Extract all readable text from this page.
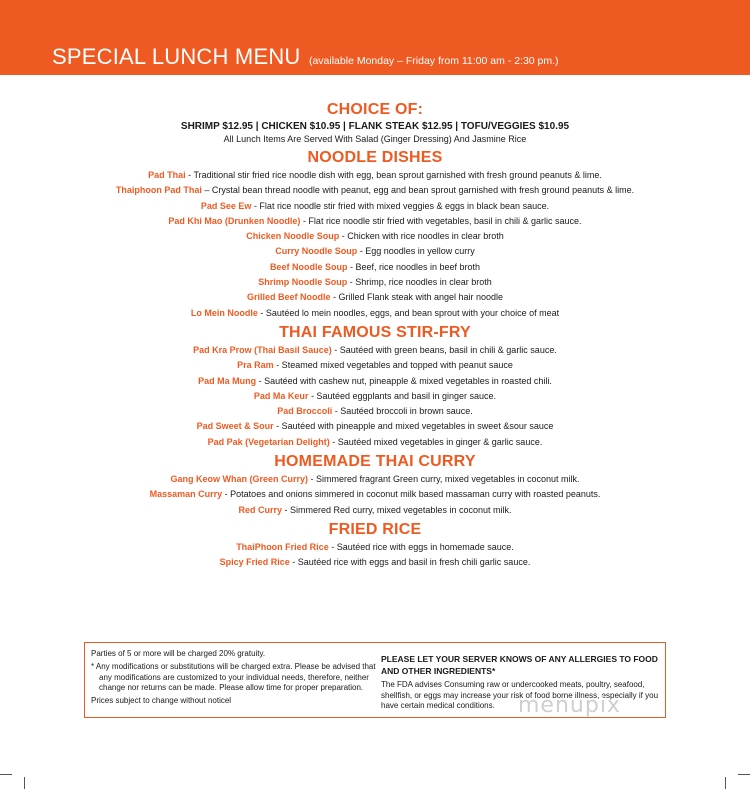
SPECIAL LUNCH MENU (available Monday – Friday from 11:00 am - 2:30 pm.)
CHOICE OF:
SHRIMP $12.95 | CHICKEN $10.95 | FLANK STEAK $12.95 | TOFU/VEGGIES $10.95
All Lunch Items Are Served With Salad (Ginger Dressing) And Jasmine Rice
NOODLE DISHES
Pad Thai - Traditional stir fried rice noodle dish with egg, bean sprout garnished with fresh ground peanuts & lime.
Thaiphoon Pad Thai – Crystal bean thread noodle with peanut, egg and bean sprout garnished with fresh ground peanuts & lime.
Pad See Ew - Flat rice noodle stir fried with mixed veggies & eggs in black bean sauce.
Pad Khi Mao (Drunken Noodle) - Flat rice noodle stir fried with vegetables, basil in chili & garlic sauce.
Chicken Noodle Soup - Chicken with rice noodles in clear broth
Curry Noodle Soup - Egg noodles in yellow curry
Beef Noodle Soup - Beef, rice noodles in beef broth
Shrimp Noodle Soup - Shrimp, rice noodles in clear broth
Grilled Beef Noodle - Grilled Flank steak with angel hair noodle
Lo Mein Noodle - Sautéed lo mein noodles, eggs, and bean sprout with your choice of meat
THAI FAMOUS STIR-FRY
Pad Kra Prow (Thai Basil Sauce) - Sautéed with green beans, basil in chili & garlic sauce.
Pra Ram - Steamed mixed vegetables and topped with peanut sauce
Pad Ma Mung - Sautéed with cashew nut, pineapple & mixed vegetables in roasted chili.
Pad Ma Keur - Sautéed eggplants and basil in ginger sauce.
Pad Broccoli - Sautéed broccoli in brown sauce.
Pad Sweet & Sour - Sautéed with pineapple and mixed vegetables in sweet &sour sauce
Pad Pak (Vegetarian Delight) - Sautéed mixed vegetables in ginger & garlic sauce.
HOMEMADE THAI CURRY
Gang Keow Whan (Green Curry) - Simmered fragrant Green curry, mixed vegetables in coconut milk.
Massaman Curry - Potatoes and onions simmered in coconut milk based massaman curry with roasted peanuts.
Red Curry - Simmered Red curry, mixed vegetables in coconut milk.
FRIED RICE
ThaiPhoon Fried Rice - Sautéed rice with eggs in homemade sauce.
Spicy Fried Rice - Sautéed rice with eggs and basil in fresh chili garlic sauce.
Parties of 5 or more will be charged 20% gratuity.
* Any modifications or substitutions will be charged extra. Please be advised that
any modifications are customized to your individual needs, therefore, neither
change nor returns can be made. Please allow time for proper preparation.
Prices subject to change without noticel
PLEASE LET YOUR SERVER KNOWS OF ANY ALLERGIES TO FOOD AND OTHER INGREDIENTS*
The FDA advises Consuming raw or undercooked meats, poultry, seafood, shellfish, or eggs may increase your risk of food borne illness, especially if you have certain medical conditions.	menupix
